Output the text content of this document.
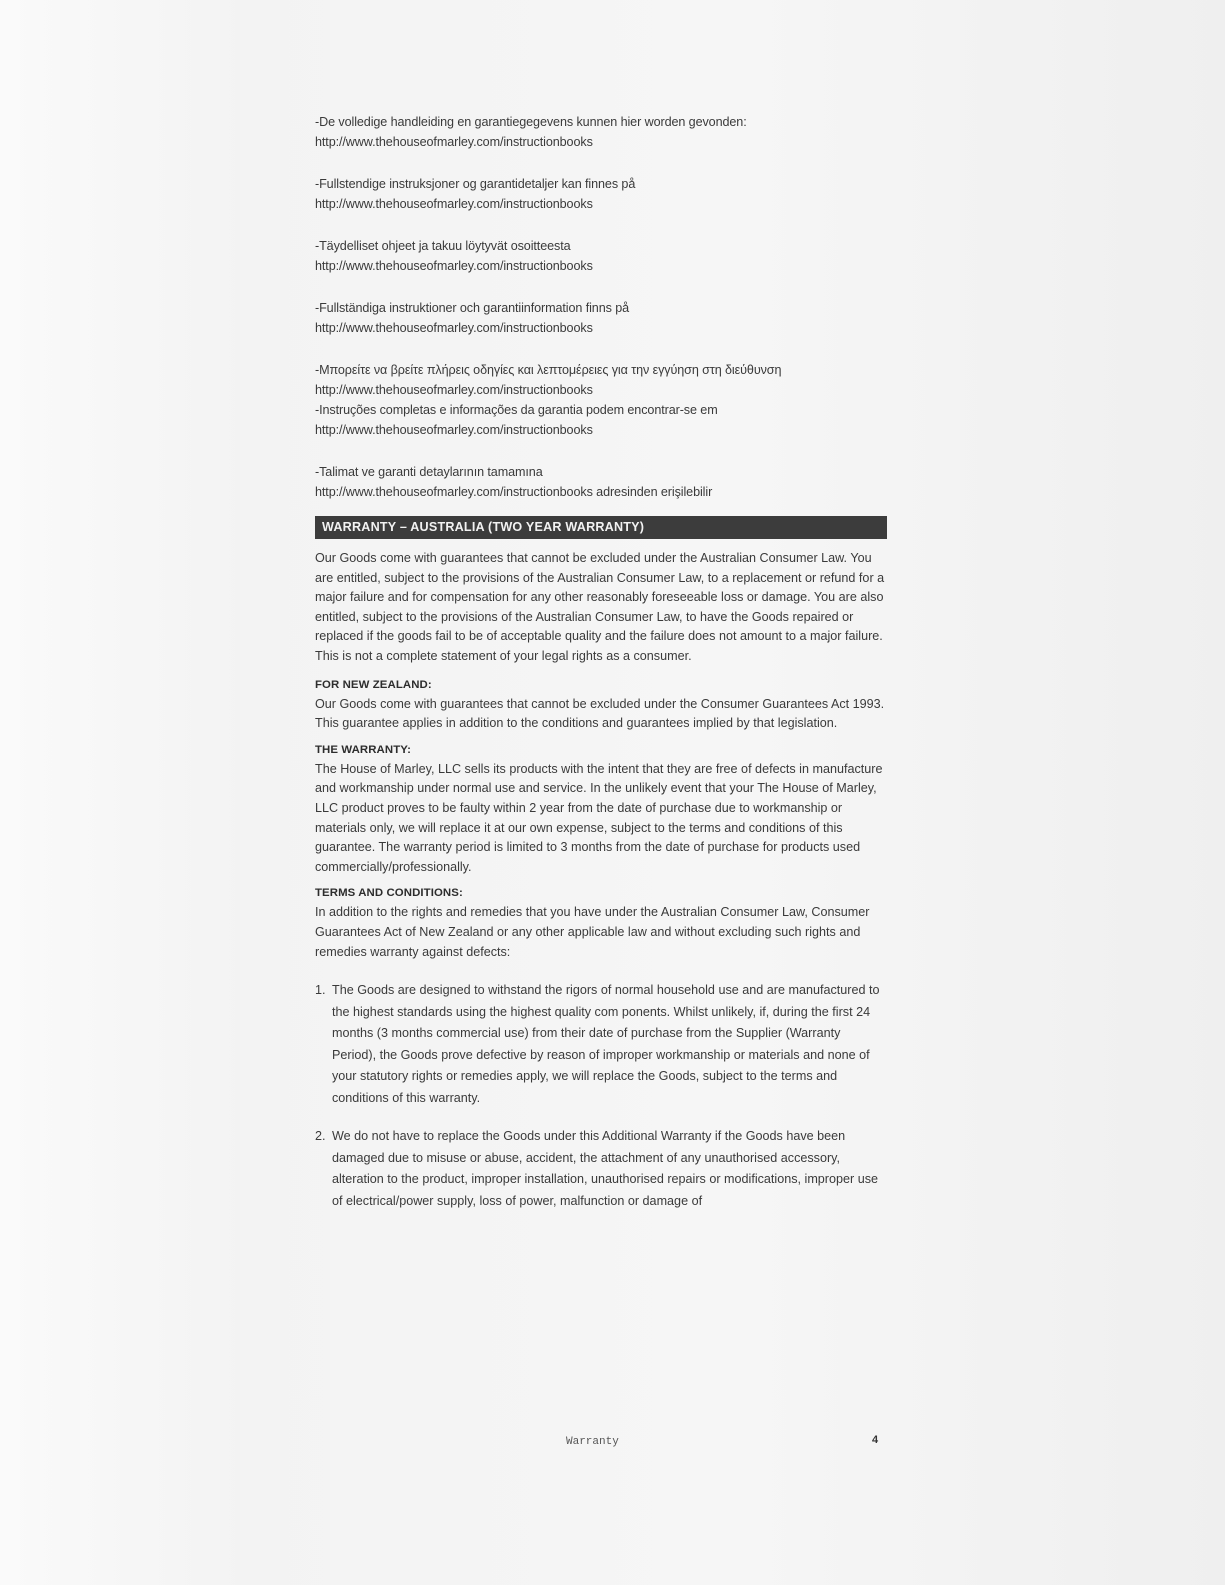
-De volledige handleiding en garantiegegevens kunnen hier worden gevonden:
http://www.thehouseofmarley.com/instructionbooks
-Fullstendige instruksjoner og garantidetaljer kan finnes på
http://www.thehouseofmarley.com/instructionbooks
-Täydelliset ohjeet ja takuu löytyvät osoitteesta
http://www.thehouseofmarley.com/instructionbooks
-Fullständiga instruktioner och garantiinformation finns på
http://www.thehouseofmarley.com/instructionbooks
-Μπορείτε να βρείτε πλήρεις οδηγίες και λεπτομέρειες για την εγγύηση στη διεύθυνση http://www.thehouseofmarley.com/instructionbooks
-Instruções completas e informações da garantia podem encontrar-se em
http://www.thehouseofmarley.com/instructionbooks
-Talimat ve garanti detaylarının tamamına
http://www.thehouseofmarley.com/instructionbooks adresinden erişilebilir
WARRANTY – AUSTRALIA (TWO YEAR WARRANTY)

Our Goods come with guarantees that cannot be excluded under the Australian Consumer Law. You are entitled, subject to the provisions of the Australian Consumer Law, to a replacement or refund for a major failure and for compensation for any other reasonably foreseeable loss or damage. You are also entitled, subject to the provisions of the Australian Consumer Law, to have the Goods repaired or replaced if the goods fail to be of acceptable quality and the failure does not amount to a major failure. This is not a complete statement of your legal rights as a consumer.

FOR NEW ZEALAND:

Our Goods come with guarantees that cannot be excluded under the Consumer Guarantees Act 1993. This guarantee applies in addition to the conditions and guarantees implied by that legislation.

THE WARRANTY:

The House of Marley, LLC sells its products with the intent that they are free of defects in manufacture and workmanship under normal use and service. In the unlikely event that your The House of Marley, LLC product proves to be faulty within 2 year from the date of purchase due to workmanship or materials only, we will replace it at our own expense, subject to the terms and conditions of this guarantee. The warranty period is limited to 3 months from the date of purchase for products used commercially/professionally.

TERMS AND CONDITIONS:

In addition to the rights and remedies that you have under the Australian Consumer Law, Consumer Guarantees Act of New Zealand or any other applicable law and without excluding such rights and remedies warranty against defects:

1. The Goods are designed to withstand the rigors of normal household use and are manufactured to the highest standards using the highest quality com ponents. Whilst unlikely, if, during the first 24 months (3 months commercial use) from their date of purchase from the Supplier (Warranty Period), the Goods prove defective by reason of improper workmanship or materials and none of your statutory rights or remedies apply, we will replace the Goods, subject to the terms and conditions of this warranty.
2. We do not have to replace the Goods under this Additional Warranty if the Goods have been damaged due to misuse or abuse, accident, the attachment of any unauthorised accessory, alteration to the product, improper installation, unauthorised repairs or modifications, improper use of electrical/power supply, loss of power, malfunction or damage of
Warranty	4
